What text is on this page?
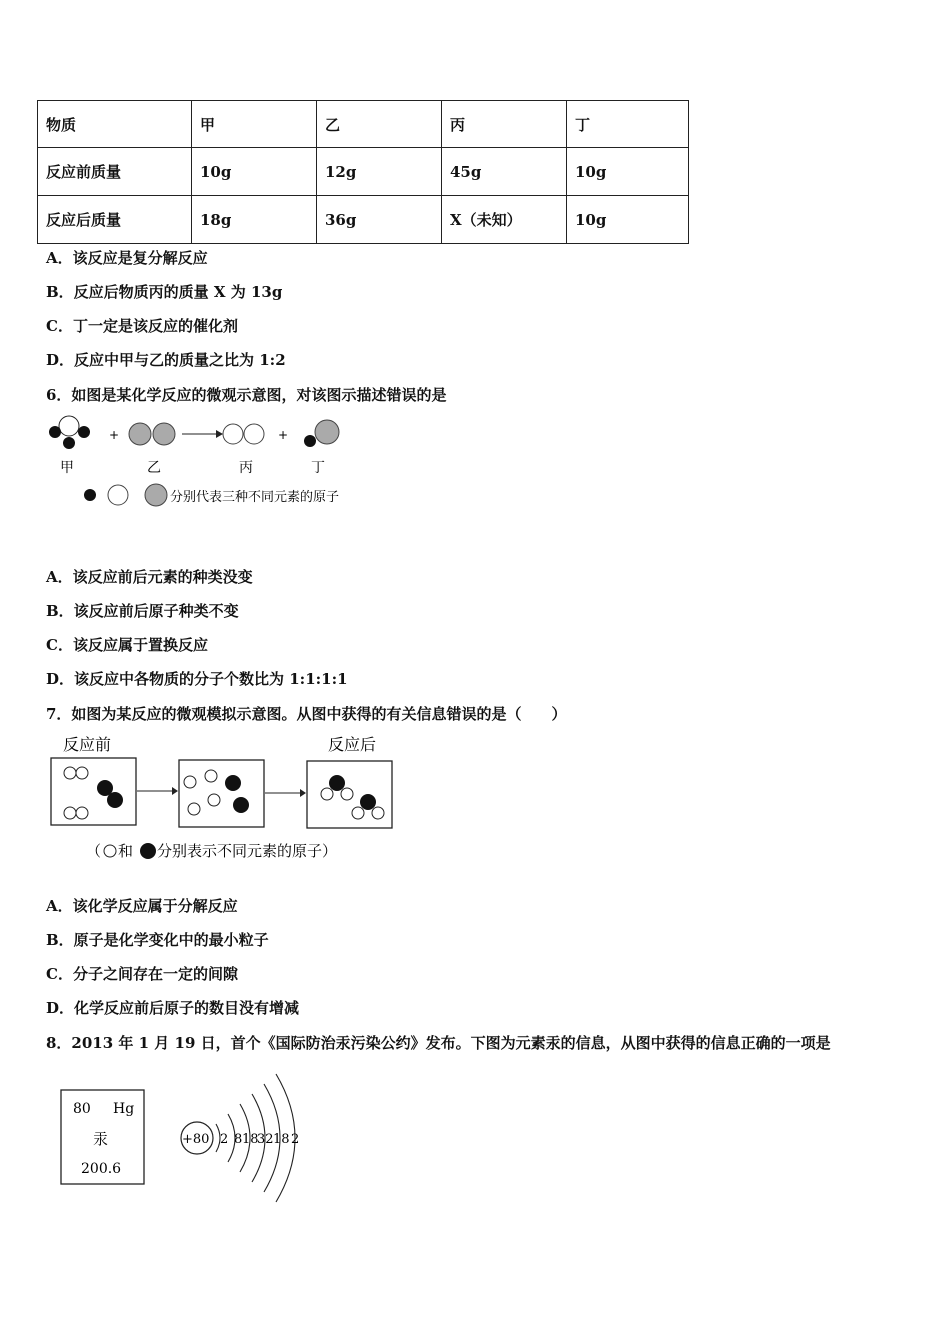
物质	甲	乙	丙	丁
反应前质量	10g	12g	45g	10g
反应后质量	18g	36g	X（未知）	10g
A．该反应是复分解反应
B．反应后物质丙的质量 X 为 13g
C．丁一定是该反应的催化剂
D．反应中甲与乙的质量之比为 1:2
6．如图是某化学反应的微观示意图，对该图示描述错误的是
+	+
甲	乙	丙	丁
分别代表三种不同元素的原子
A．该反应前后元素的种类没变
B．该反应前后原子种类不变
C．该反应属于置换反应
D．该反应中各物质的分子个数比为 1:1:1:1
7．如图为某反应的微观模拟示意图。从图中获得的有关信息错误的是（　　）
反应前	反应后
（ 和 分别表示不同元素的原子）
A．该化学反应属于分解反应
B．原子是化学变化中的最小粒子
C．分子之间存在一定的间隙
D．化学反应前后原子的数目没有增减
8．2013 年 1 月 19 日，首个《国际防治汞污染公约》发布。下图为元素汞的信息，从图中获得的信息正确的一项是
80 Hg
汞
200.6
+80 2 8 18
32 18 2
